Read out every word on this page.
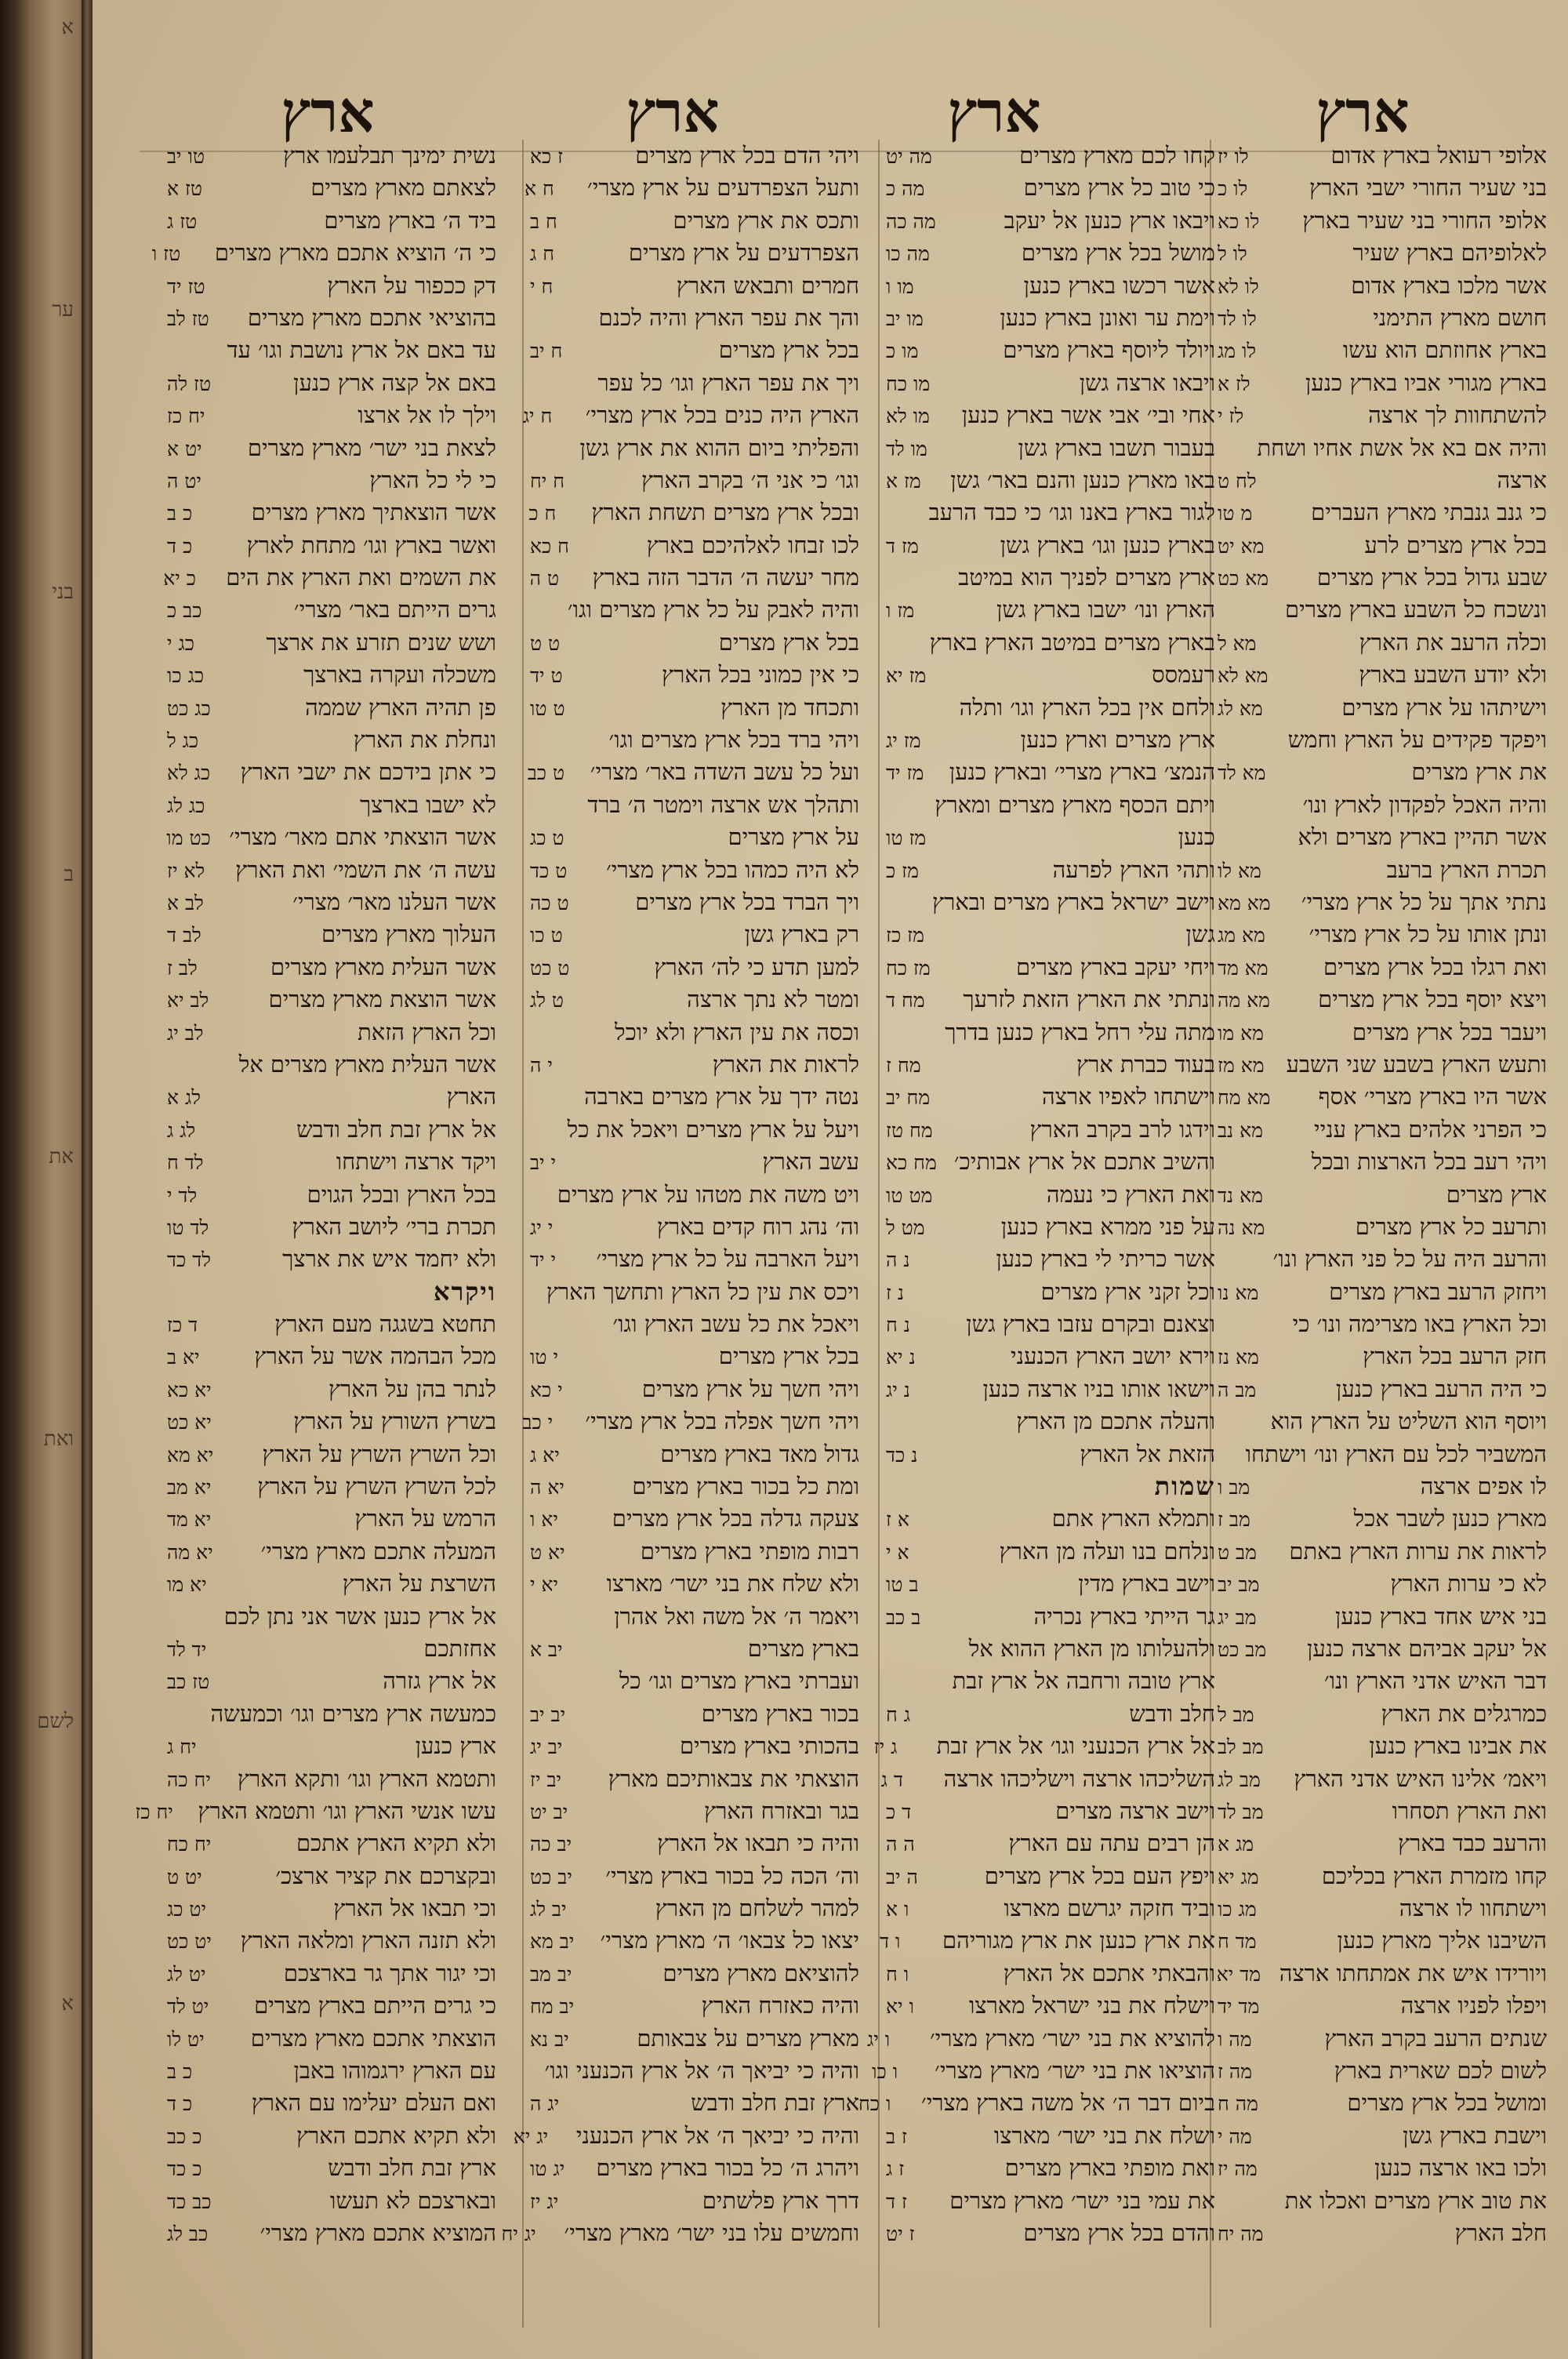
א
ער
בני
ב
את
ואת
לשם
א
ארץ
ארץ
ארץ
ארץ
אלופי רעואל בארץ אדום
לו יז
בני שעיר החורי ישבי הארץ
לו כ
אלופי החורי בני שעיר בארץ
לו כא
לאלופיהם בארץ שעיר
לו ל
אשר מלכו בארץ אדום
לו לא
חושם מארץ התימני
לו לד
בארץ אחוזתם הוא עשו
לו מג
בארץ מגורי אביו בארץ כנען
לז א
להשתחוות לך ארצה
לז י
והיה אם בא אל אשת אחיו ושחת
ארצה
לח ט
כי גנב גנבתי מארץ העברים
מ טו
בכל ארץ מצרים לרע
מא יט
שבע גדול בכל ארץ מצרים
מא כט
ונשכח כל השבע בארץ מצרים
וכלה הרעב את הארץ
מא ל
ולא יודע השבע בארץ
מא לא
וישיתהו על ארץ מצרים
מא לג
ויפקד פקידים על הארץ וחמש
את ארץ מצרים
מא לד
והיה האכל לפקדון לארץ ונו׳
אשר תהיין בארץ מצרים ולא
תכרת הארץ ברעב
מא לו
נתתי אתך על כל ארץ מצרי׳
מא מא
ונתן אותו על כל ארץ מצרי׳
מא מג
ואת רגלו בכל ארץ מצרים
מא מד
ויצא יוסף בכל ארץ מצרים
מא מה
ויעבר בכל ארץ מצרים
מא מו
ותעש הארץ בשבע שני השבע
מא מז
אשר היו בארץ מצרי׳ אסף
מא מח
כי הפרני אלהים בארץ עניי
מא נב
ויהי רעב בכל הארצות ובכל
ארץ מצרים
מא נד
ותרעב כל ארץ מצרים
מא נה
והרעב היה על כל פני הארץ ונו׳
ויחזק הרעב בארץ מצרים
מא נו
וכל הארץ באו מצרימה ונו׳ כי
חזק הרעב בכל הארץ
מא נז
כי היה הרעב בארץ כנען
מב ה
ויוסף הוא השליט על הארץ הוא
המשביר לכל עם הארץ ונו׳ וישתחו
לו אפים ארצה
מב ו
מארץ כנען לשבר אכל
מב ז
לראות את ערות הארץ באתם
מב ט
לא כי ערות הארץ
מב יב
בני איש אחד בארץ כנען
מב יג
אל יעקב אביהם ארצה כנען
מב כט
דבר האיש אדני הארץ ונו׳
כמרגלים את הארץ
מב ל
את אבינו בארץ כנען
מב לב
ויאמ׳ אלינו האיש אדני הארץ
מב לג
ואת הארץ תסחרו
מב לד
והרעב כבד בארץ
מג א
קחו מזמרת הארץ בכליכם
מג יא
וישתחוו לו ארצה
מג כו
השיבנו אליך מארץ כנען
מד ח
ויורידו איש את אמתחתו ארצה
מד יא
ויפלו לפניו ארצה
מד יד
שנתים הרעב בקרב הארץ
מה ו
לשום לכם שארית בארץ
מה ז
ומושל בכל ארץ מצרים
מה ח
וישבת בארץ גשן
מה י
ולכו באו ארצה כנען
מה יז
את טוב ארץ מצרים ואכלו את
חלב הארץ
מה יח
קחו לכם מארץ מצרים
מה יט
כי טוב כל ארץ מצרים
מה כ
ויבאו ארץ כנען אל יעקב
מה כה
מושל בכל ארץ מצרים
מה כו
אשר רכשו בארץ כנען
מו ו
וימת ער ואונן בארץ כנען
מו יב
ויולד ליוסף בארץ מצרים
מו כ
ויבאו ארצה גשן
מו כח
אחי ובי׳ אבי אשר בארץ כנען
מו לא
בעבור תשבו בארץ גשן
מו לד
באו מארץ כנען והנם באר׳ גשן
מז א
לגור בארץ באנו וגו׳ כי כבד הרעב
בארץ כנען וגו׳ בארץ גשן
מז ד
ארץ מצרים לפניך הוא במיטב
הארץ ונו׳ ישבו בארץ גשן
מז ו
בארץ מצרים במיטב הארץ בארץ
רעמסס
מז יא
ולחם אין בכל הארץ וגו׳ ותלה
ארץ מצרים וארץ כנען
מז יג
הנמצ׳ בארץ מצרי׳ ובארץ כנען
מז יד
ויתם הכסף מארץ מצרים ומארץ
כנען
מז טו
ותהי הארץ לפרעה
מז כ
וישב ישראל בארץ מצרים ובארץ
גשן
מז כז
ויחי יעקב בארץ מצרים
מז כח
ונתתי את הארץ הזאת לזרעך
מח ד
מתה עלי רחל בארץ כנען בדרך
בעוד כברת ארץ
מח ז
וישתחו לאפיו ארצה
מח יב
וידגו לרב בקרב הארץ
מח טז
והשיב אתכם אל ארץ אבותיכ׳
מח כא
ואת הארץ כי נעמה
מט טו
על פני ממרא בארץ כנען
מט ל
אשר כריתי לי בארץ כנען
נ ה
וכל זקני ארץ מצרים
נ ז
וצאנם ובקרם עזבו בארץ גשן
נ ח
וירא יושב הארץ הכנעני
נ יא
וישאו אותו בניו ארצה כנען
נ יג
והעלה אתכם מן הארץ
הזאת אל הארץ
נ כד
שמות
ותמלא הארץ אתם
א ז
ונלחם בנו ועלה מן הארץ
א י
וישב בארץ מדין
ב טו
גר הייתי בארץ נכריה
ב כב
ולהעלותו מן הארץ ההוא אל
ארץ טובה ורחבה אל ארץ זבת
חלב ודבש
ג ח
אל ארץ הכנעני וגו׳ אל ארץ זבת
ג יז
השליכהו ארצה וישליכהו ארצה
ד ג
וישב ארצה מצרים
ד כ
הן רבים עתה עם הארץ
ה ה
ויפץ העם בכל ארץ מצרים
ה יב
וביד חזקה יגרשם מארצו
ו א
את ארץ כנען את ארץ מגוריהם
ו ד
והבאתי אתכם אל הארץ
ו ח
וישלח את בני ישראל מארצו
ו יא
להוציא את בני ישר׳ מארץ מצרי׳
ו יג
הוציאו את בני ישר׳ מארץ מצרי׳
ו כו
ביום דבר ה׳ אל משה בארץ מצרי׳
ו כח
ושלח את בני ישר׳ מארצו
ז ב
ואת מופתי בארץ מצרים
ז ג
את עמי בני ישר׳ מארץ מצרים
ז ד
והדם בכל ארץ מצרים
ז יט
ויהי הדם בכל ארץ מצרים
ז כא
ותעל הצפרדעים על ארץ מצרי׳
ח א
ותכס את ארץ מצרים
ח ב
הצפרדעים על ארץ מצרים
ח ג
חמרים ותבאש הארץ
ח י
והך את עפר הארץ והיה לכנם
בכל ארץ מצרים
ח יב
ויך את עפר הארץ וגו׳ כל עפר
הארץ היה כנים בכל ארץ מצרי׳
ח יג
והפליתי ביום ההוא את ארץ גשן
וגו׳ כי אני ה׳ בקרב הארץ
ח יח
ובכל ארץ מצרים תשחת הארץ
ח כ
לכו זבחו לאלהיכם בארץ
ח כא
מחר יעשה ה׳ הדבר הזה בארץ
ט ה
והיה לאבק על כל ארץ מצרים וגו׳
בכל ארץ מצרים
ט ט
כי אין כמוני בכל הארץ
ט יד
ותכחד מן הארץ
ט טו
ויהי ברד בכל ארץ מצרים וגו׳
ועל כל עשב השדה באר׳ מצרי׳
ט כב
ותהלך אש ארצה וימטר ה׳ ברד
על ארץ מצרים
ט כג
לא היה כמהו בכל ארץ מצרי׳
ט כד
ויך הברד בכל ארץ מצרים
ט כה
רק בארץ גשן
ט כו
למען תדע כי לה׳ הארץ
ט כט
ומטר לא נתך ארצה
ט לג
וכסה את עין הארץ ולא יוכל
לראות את הארץ
י ה
נטה ידך על ארץ מצרים בארבה
ויעל על ארץ מצרים ויאכל את כל
עשב הארץ
י יב
ויט משה את מטהו על ארץ מצרים
וה׳ נהג רוח קדים בארץ
י יג
ויעל הארבה על כל ארץ מצרי׳
י יד
ויכס את עין כל הארץ ותחשך הארץ
ויאכל את כל עשב הארץ וגו׳
בכל ארץ מצרים
י טו
ויהי חשך על ארץ מצרים
י כא
ויהי חשך אפלה בכל ארץ מצרי׳
י כב
גדול מאד בארץ מצרים
יא ג
ומת כל בכור בארץ מצרים
יא ה
צעקה גדלה בכל ארץ מצרים
יא ו
רבות מופתי בארץ מצרים
יא ט
ולא שלח את בני ישר׳ מארצו
יא י
ויאמר ה׳ אל משה ואל אהרן
בארץ מצרים
יב א
ועברתי בארץ מצרים וגו׳ כל
בכור בארץ מצרים
יב יב
בהכותי בארץ מצרים
יב יג
הוצאתי את צבאותיכם מארץ
יב יז
בגר ובאזרח הארץ
יב יט
והיה כי תבאו אל הארץ
יב כה
וה׳ הכה כל בכור בארץ מצרי׳
יב כט
למהר לשלחם מן הארץ
יב לג
יצאו כל צבאו׳ ה׳ מארץ מצרי׳
יב מא
להוציאם מארץ מצרים
יב מב
והיה כאזרח הארץ
יב מח
מארץ מצרים על צבאותם
יב נא
והיה כי יביאך ה׳ אל ארץ הכנעני וגו׳
ארץ זבת חלב ודבש
יג ה
והיה כי יביאך ה׳ אל ארץ הכנעני
יג יא
ויהרג ה׳ כל בכור בארץ מצרים
יג טו
דרך ארץ פלשתים
יג יז
וחמשים עלו בני ישר׳ מארץ מצרי׳
יג יח
נשית ימינך תבלעמו ארץ
טו יב
לצאתם מארץ מצרים
טז א
ביד ה׳ בארץ מצרים
טז ג
כי ה׳ הוציא אתכם מארץ מצרים
טז ו
דק ככפור על הארץ
טז יד
בהוציאי אתכם מארץ מצרים
טז לב
עד באם אל ארץ נושבת וגו׳ עד
באם אל קצה ארץ כנען
טז לה
וילך לו אל ארצו
יח כז
לצאת בני ישר׳ מארץ מצרים
יט א
כי לי כל הארץ
יט ה
אשר הוצאתיך מארץ מצרים
כ ב
ואשר בארץ וגו׳ מתחת לארץ
כ ד
את השמים ואת הארץ את הים
כ יא
גרים הייתם באר׳ מצרי׳
כב כ
ושש שנים תזרע את ארצך
כג י
משכלה ועקרה בארצך
כג כו
פן תהיה הארץ שממה
כג כט
ונחלת את הארץ
כג ל
כי אתן בידכם את ישבי הארץ
כג לא
לא ישבו בארצך
כג לג
אשר הוצאתי אתם מאר׳ מצרי׳
כט מו
עשה ה׳ את השמי׳ ואת הארץ
לא יז
אשר העלנו מאר׳ מצרי׳
לב א
העלוך מארץ מצרים
לב ד
אשר העלית מארץ מצרים
לב ז
אשר הוצאת מארץ מצרים
לב יא
וכל הארץ הזאת
לב יג
אשר העלית מארץ מצרים אל
הארץ
לג א
אל ארץ זבת חלב ודבש
לג ג
ויקד ארצה וישתחו
לד ח
בכל הארץ ובכל הגוים
לד י
תכרת ברי׳ ליושב הארץ
לד טו
ולא יחמד איש את ארצך
לד כד
ויקרא
תחטא בשגגה מעם הארץ
ד כז
מכל הבהמה אשר על הארץ
יא ב
לנתר בהן על הארץ
יא כא
בשרץ השורץ על הארץ
יא כט
וכל השרץ השרץ על הארץ
יא מא
לכל השרץ השרץ על הארץ
יא מב
הרמש על הארץ
יא מד
המעלה אתכם מארץ מצרי׳
יא מה
השרצת על הארץ
יא מו
אל ארץ כנען אשר אני נתן לכם
אחזתכם
יד לד
אל ארץ גזרה
טז כב
כמעשה ארץ מצרים וגו׳ וכמעשה
ארץ כנען
יח ג
ותטמא הארץ וגו׳ ותקא הארץ
יח כה
עשו אנשי הארץ וגו׳ ותטמא הארץ
יח כז
ולא תקיא הארץ אתכם
יח כח
ובקצרכם את קציר ארצכ׳
יט ט
וכי תבאו אל הארץ
יט כג
ולא תזנה הארץ ומלאה הארץ
יט כט
וכי יגור אתך גר בארצכם
יט לג
כי גרים הייתם בארץ מצרים
יט לד
הוצאתי אתכם מארץ מצרים
יט לו
עם הארץ ירגמוהו באבן
כ ב
ואם העלם יעלימו עם הארץ
כ ד
ולא תקיא אתכם הארץ
כ כב
ארץ זבת חלב ודבש
כ כד
ובארצכם לא תעשו
כב כד
המוציא אתכם מארץ מצרי׳
כב לג
